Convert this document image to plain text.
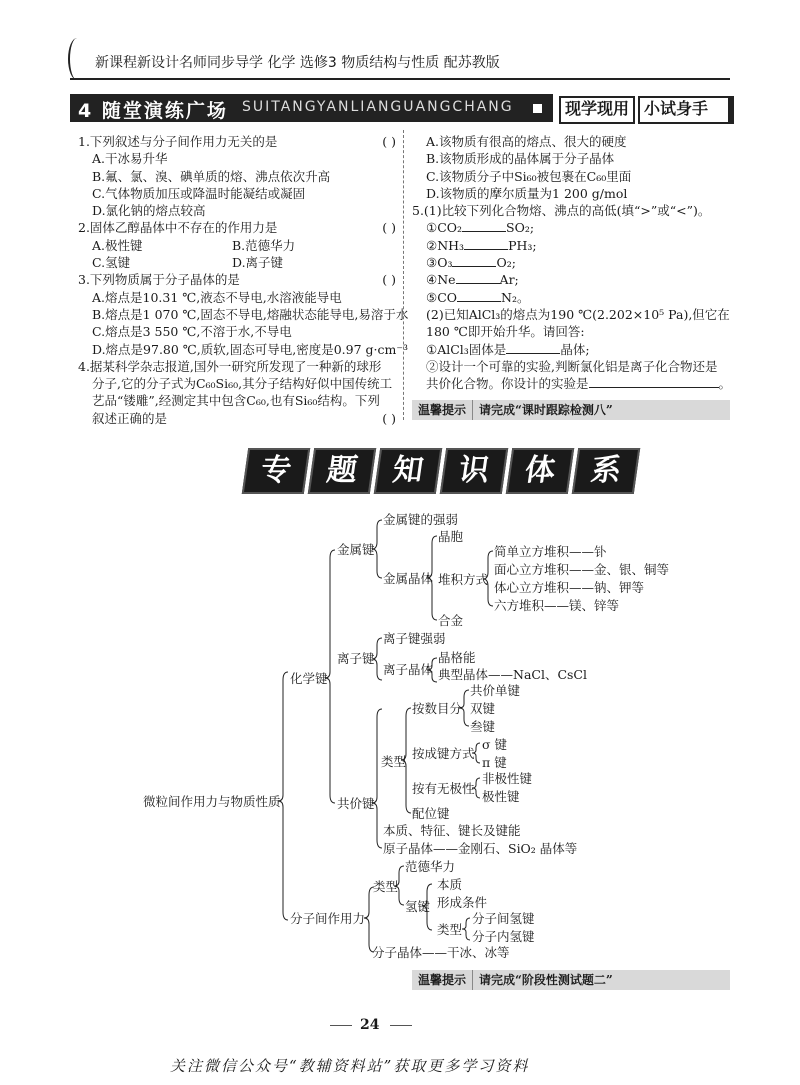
新课程新设计名师同步导学 化学 选修3 物质结构与性质 配苏教版
4 随堂演练广场 SUITANGYANLIANGUANGCHANG	现学现用 小试身手
1.下列叙述与分子间作用力无关的是	( )
A.干冰易升华
B.氟、氯、溴、碘单质的熔、沸点依次升高
C.气体物质加压或降温时能凝结或凝固
D.氯化钠的熔点较高
2.固体乙醇晶体中不存在的作用力是	( )
A.极性键	B.范德华力
C.氢键	D.离子键
3.下列物质属于分子晶体的是	( )
A.熔点是10.31 ℃,液态不导电,水溶液能导电
B.熔点是1 070 ℃,固态不导电,熔融状态能导电,易溶于水
C.熔点是3 550 ℃,不溶于水,不导电
D.熔点是97.80 ℃,质软,固态可导电,密度是0.97 g·cm⁻³
4.据某科学杂志报道,国外一研究所发现了一种新的球形
分子,它的分子式为C₆₀Si₆₀,其分子结构好似中国传统工
艺品“镂雕”,经测定其中包含C₆₀,也有Si₆₀结构。下列
叙述正确的是	( )
A.该物质有很高的熔点、很大的硬度
B.该物质形成的晶体属于分子晶体
C.该物质分子中Si₆₀被包裹在C₆₀里面
D.该物质的摩尔质量为1 200 g/mol
5.(1)比较下列化合物熔、沸点的高低(填“>”或“<”)。
①CO₂	SO₂;
②NH₃	PH₃;
③O₃	O₂;
④Ne	Ar;
⑤CO	N₂。
(2)已知AlCl₃的熔点为190 ℃(2.202×10⁵ Pa),但它在
180 ℃即开始升华。请回答:
①AlCl₃固体是	晶体;
②设计一个可靠的实验,判断氯化铝是离子化合物还是
共价化合物。你设计的实验是	。
温馨提示 请完成“课时跟踪检测八”
专	题	知	识	体	系
微粒间作用力与物质性质
化学键
金属键
金属键的强弱
金属晶体
晶胞
堆积方式
简单立方堆积——钋
面心立方堆积——金、银、铜等
体心立方堆积——钠、钾等
六方堆积——镁、锌等
合金
离子键
离子键强弱
离子晶体
晶格能
典型晶体——NaCl、CsCl
共价键
类型
按数目分
共价单键
双键
叁键
按成键方式
σ 键
π 键
按有无极性
非极性键
极性键
配位键
本质、特征、键长及键能
原子晶体——金刚石、SiO₂ 晶体等
分子间作用力
类型
范德华力
氢键
本质
形成条件
类型
分子间氢键
分子内氢键
分子晶体——干冰、冰等
温馨提示 请完成“阶段性测试题二”
24
关注微信公众号“教辅资料站”获取更多学习资料
